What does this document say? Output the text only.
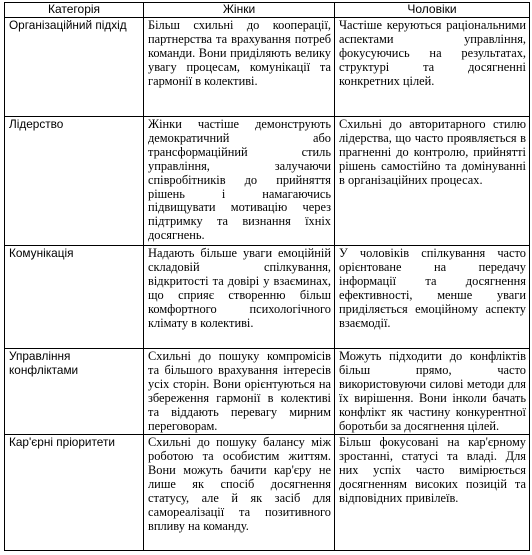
Категорія	Жінки	Чоловіки
Організаційний підхід	Більш схильні до кооперації, партнерства та врахування потреб команди. Вони приділяють велику увагу процесам, комунікації та гармонії в колективі.	Частіше керуються раціональними аспектами управління, фокусуючись на результатах, структурі та досягненні конкретних цілей.
Лідерство	Жінки частіше демонструють демократичний або трансформаційний стиль управління, залучаючи співробітників до прийняття рішень і намагаючись підвищувати мотивацію через підтримку та визнання їхніх досягнень.	Схильні до авторитарного стилю лідерства, що часто проявляється в прагненні до контролю, прийнятті рішень самостійно та домінуванні в організаційних процесах.
Комунікація	Надають більше уваги емоційній складовій спілкування, відкритості та довірі у взаєминах, що сприяє створенню більш комфортного психологічного клімату в колективі.	У чоловіків спілкування часто орієнтоване на передачу інформації та досягнення ефективності, менше уваги приділяється емоційному аспекту взаємодії.
Управління конфліктами	Схильні до пошуку компромісів та більшого врахування інтересів усіх сторін. Вони орієнтуються на збереження гармонії в колективі та віддають перевагу мирним переговорам.	Можуть підходити до конфліктів більш прямо, часто використовуючи силові методи для їх вирішення. Вони інколи бачать конфлікт як частину конкурентної боротьби за досягнення цілей.
Кар'єрні пріоритети	Схильні до пошуку балансу між роботою та особистим життям. Вони можуть бачити кар'єру не лише як спосіб досягнення статусу, але й як засіб для самореалізації та позитивного впливу на команду.	Більш фокусовані на кар'єрному зростанні, статусі та владі. Для них успіх часто вимірюється досягненням високих позицій та відповідних привілеїв.
